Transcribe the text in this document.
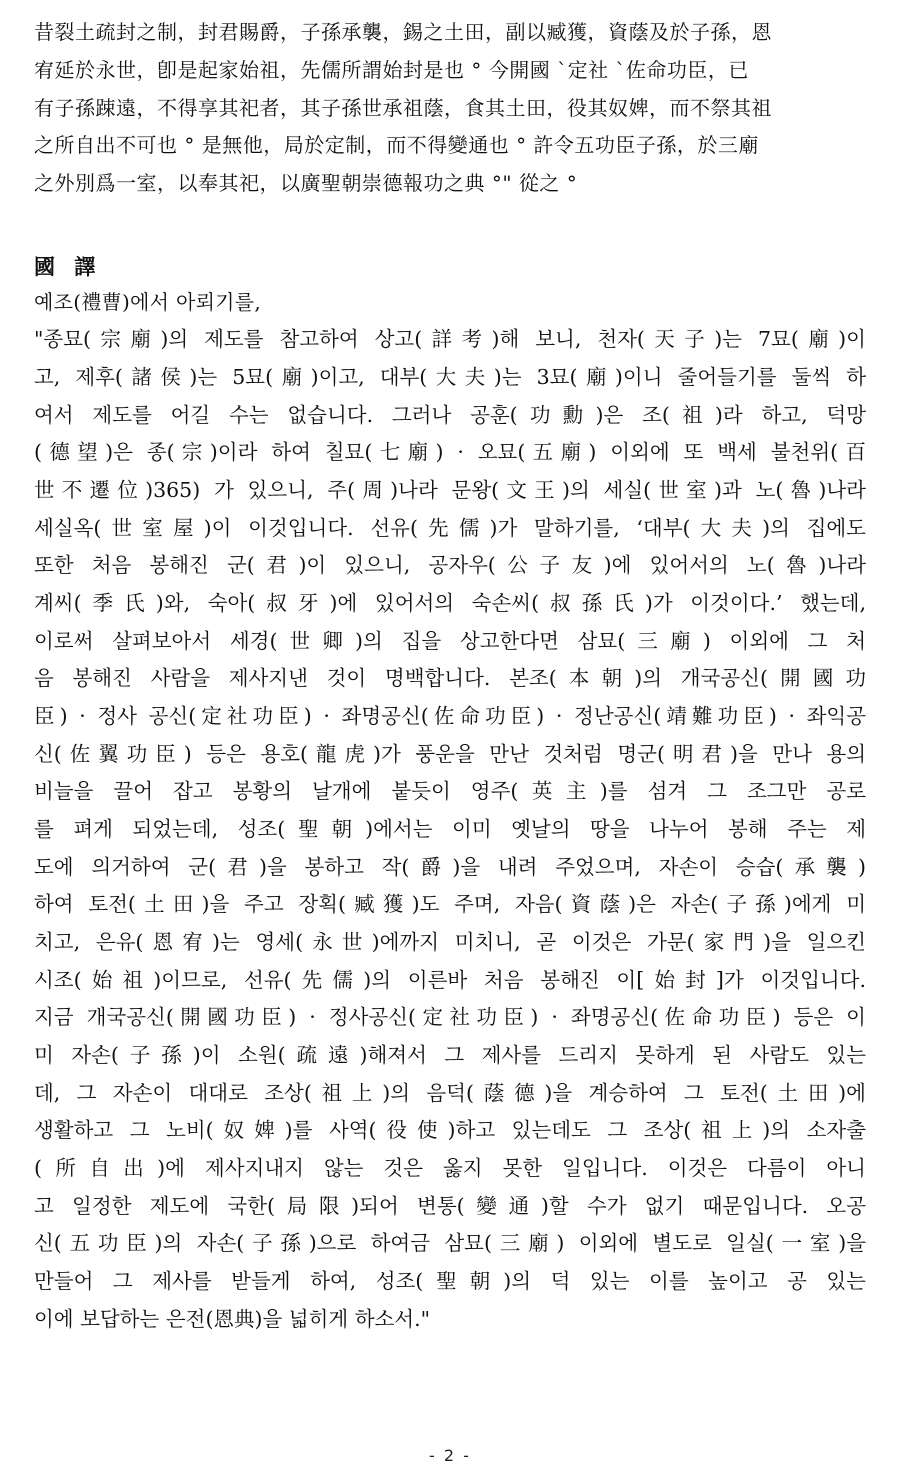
昔裂土疏封之制，封君賜爵，子孫承襲，錫之土田，副以臧獲，資蔭及於子孫，恩
宥延於永世，卽是起家始祖，先儒所謂始封是也 ° 今開國 `定社 `佐命功臣，已
有子孫踈遠，不得享其祀者，其子孫世承祖蔭，食其土田，役其奴婢，而不祭其祖
之所自出不可也 ° 是無他，局於定制，而不得變通也 ° 許令五功臣子孫，於三廟
之外別爲一室，以奉其祀，以廣聖朝崇德報功之典 °" 從之 °
國 譯
예조(禮曹)에서 아뢰기를,
"종묘(宗廟)의 제도를 참고하여 상고(詳考)해 보니, 천자(天子)는 7묘(廟)이
고, 제후(諸侯)는 5묘(廟)이고, 대부(大夫)는 3묘(廟)이니 줄어들기를 둘씩 하
여서 제도를 어길 수는 없습니다. 그러나 공훈(功勳)은 조(祖)라 하고, 덕망
(德望)은 종(宗)이라 하여 칠묘(七廟) · 오묘(五廟) 이외에 또 백세 불천위(百
世不遷位)365) 가 있으니, 주(周)나라 문왕(文王)의 세실(世室)과 노(魯)나라
세실옥(世室屋)이 이것입니다. 선유(先儒)가 말하기를, ‘대부(大夫)의 집에도
또한 처음 봉해진 군(君)이 있으니, 공자우(公子友)에 있어서의 노(魯)나라
계씨(季氏)와, 숙아(叔牙)에 있어서의 숙손씨(叔孫氏)가 이것이다.’ 했는데,
이로써 살펴보아서 세경(世卿)의 집을 상고한다면 삼묘(三廟) 이외에 그 처
음 봉해진 사람을 제사지낸 것이 명백합니다. 본조(本朝)의 개국공신(開國功
臣) · 정사 공신(定社功臣) · 좌명공신(佐命功臣) · 정난공신(靖難功臣) · 좌익공
신(佐翼功臣) 등은 용호(龍虎)가 풍운을 만난 것처럼 명군(明君)을 만나 용의
비늘을 끌어 잡고 봉황의 날개에 붙듯이 영주(英主)를 섬겨 그 조그만 공로
를 펴게 되었는데, 성조(聖朝)에서는 이미 옛날의 땅을 나누어 봉해 주는 제
도에 의거하여 군(君)을 봉하고 작(爵)을 내려 주었으며, 자손이 승습(承襲)
하여 토전(土田)을 주고 장획(臧獲)도 주며, 자음(資蔭)은 자손(子孫)에게 미
치고, 은유(恩宥)는 영세(永世)에까지 미치니, 곧 이것은 가문(家門)을 일으킨
시조(始祖)이므로, 선유(先儒)의 이른바 처음 봉해진 이[始封]가 이것입니다.
지금 개국공신(開國功臣) · 정사공신(定社功臣) · 좌명공신(佐命功臣) 등은 이
미 자손(子孫)이 소원(疏遠)해져서 그 제사를 드리지 못하게 된 사람도 있는
데, 그 자손이 대대로 조상(祖上)의 음덕(蔭德)을 계승하여 그 토전(土田)에
생활하고 그 노비(奴婢)를 사역(役使)하고 있는데도 그 조상(祖上)의 소자출
(所自出)에 제사지내지 않는 것은 옳지 못한 일입니다. 이것은 다름이 아니
고 일정한 제도에 국한(局限)되어 변통(變通)할 수가 없기 때문입니다. 오공
신(五功臣)의 자손(子孫)으로 하여금 삼묘(三廟) 이외에 별도로 일실(一室)을
만들어 그 제사를 받들게 하여, 성조(聖朝)의 덕 있는 이를 높이고 공 있는
이에 보답하는 은전(恩典)을 넓히게 하소서."
- 2 -
